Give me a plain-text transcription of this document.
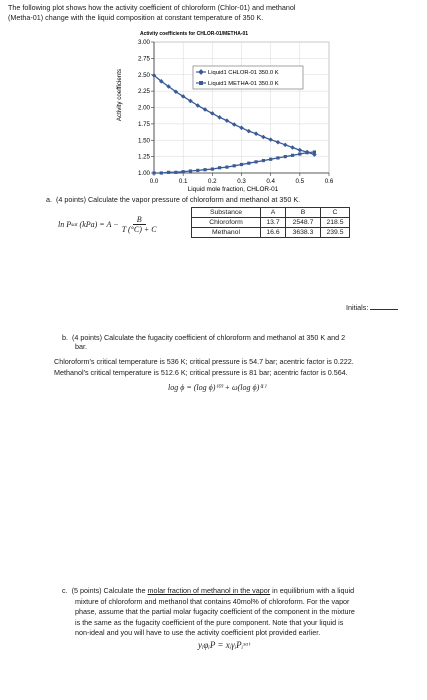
The following plot shows how the activity coefficient of chloroform (Chlor-01) and methanol
(Metha-01) change with the liquid composition at constant temperature of 350 K.
Activity coefficients for CHLOR-01/METHA-01
1.00
1.25
1.50
1.75
2.00
2.25
2.50
2.75
3.00
0.0	0.1	0.2	0.3	0.4	0.5	0.6
Activity coefficients
Liquid mole fraction, CHLOR-01
Liquid1 CHLOR-01 350.0 K
Liquid1 METHA-01 350.0 K
a. (4 points) Calculate the vapor pressure of chloroform and methanol at 350 K.
ln P sat $(kPa) = A - \frac{B}{T (^\circ C) + C}$
Substance	A	B	C
Chloroform	13.7	2548.7	218.5
Methanol	16.6	3638.3	239.5
Initials:
b. (4 points) Calculate the fugacity coefficient of chloroform and methanol at 350 K and 2
bar.
Chloroform's critical temperature is 536 K; critical pressure is 54.7 bar; acentric factor is 0.222.
Methanol's critical temperature is 512.6 K; critical pressure is 81 bar; acentric factor is 0.564.
log ϕ = (log ϕ)⁽⁰⁾ + ω(log ϕ)⁽¹⁾
c. (5 points) Calculate the molar fraction of methanol in the vapor in equilibrium with a liquid
mixture of chloroform and methanol that contains 40mol% of chloroform. For the vapor
phase, assume that the partial molar fugacity coefficient of the component in the mixture
is the same as the fugacity coefficient of the pure component. Note that your liquid is
non-ideal and you will have to use the activity coefficient plot provided earlier.
yᵢφᵢP = xᵢγᵢPᵢˢᵃᵗ
